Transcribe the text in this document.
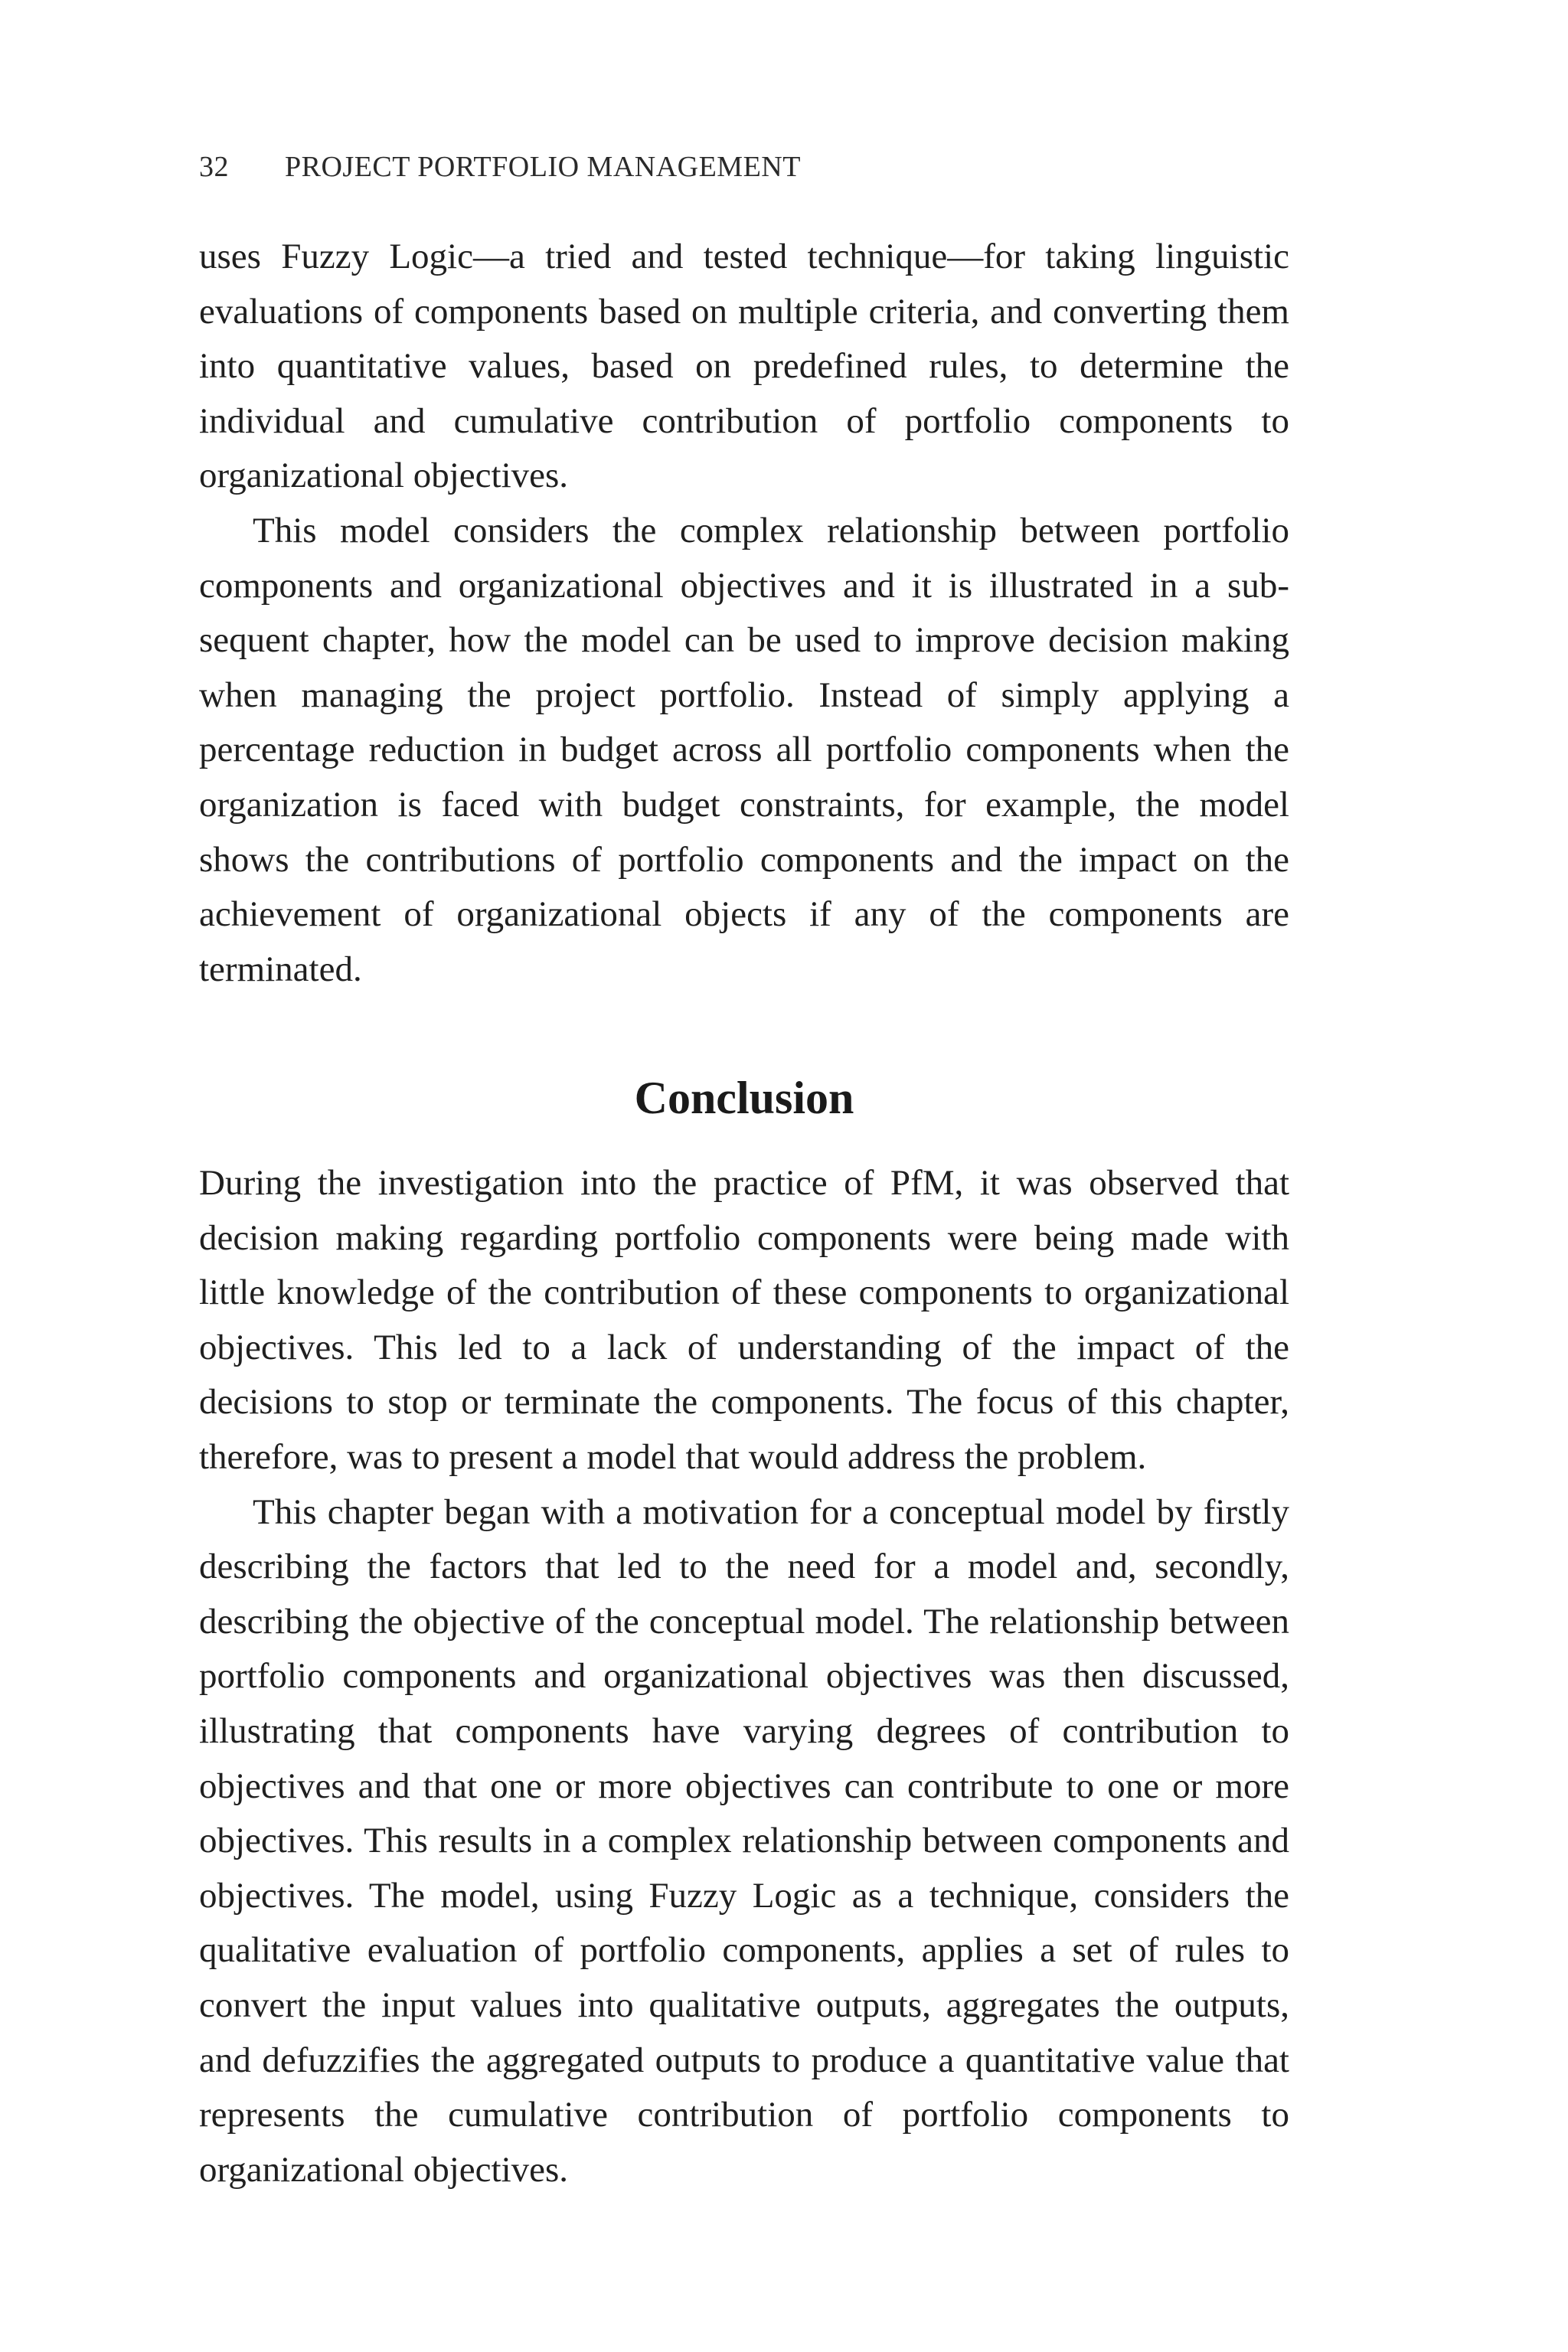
32 PROJECT PORTFOLIO MANAGEMENT

uses Fuzzy Logic—a tried and tested technique—for taking linguistic evaluations of components based on multiple criteria, and converting them into quantitative values, based on predefined rules, to determine the individual and cumulative contribution of portfolio components to organizational objectives.

This model considers the complex relationship between portfolio components and organizational objectives and it is illustrated in a subsequent chapter, how the model can be used to improve decision making when managing the project portfolio. Instead of simply applying a percentage reduction in budget across all portfolio components when the organization is faced with budget constraints, for example, the model shows the contributions of portfolio components and the impact on the achievement of organizational objects if any of the components are terminated.

Conclusion

During the investigation into the practice of PfM, it was observed that decision making regarding portfolio components were being made with little knowledge of the contribution of these components to organizational objectives. This led to a lack of understanding of the impact of the decisions to stop or terminate the components. The focus of this chapter, therefore, was to present a model that would address the problem.

This chapter began with a motivation for a conceptual model by firstly describing the factors that led to the need for a model and, secondly, describing the objective of the conceptual model. The relationship between portfolio components and organizational objectives was then discussed, illustrating that components have varying degrees of contribution to objectives and that one or more objectives can contribute to one or more objectives. This results in a complex relationship between components and objectives. The model, using Fuzzy Logic as a technique, considers the qualitative evaluation of portfolio components, applies a set of rules to convert the input values into qualitative outputs, aggregates the outputs, and defuzzifies the aggregated outputs to produce a quantitative value that represents the cumulative contribution of portfolio components to organizational objectives.
